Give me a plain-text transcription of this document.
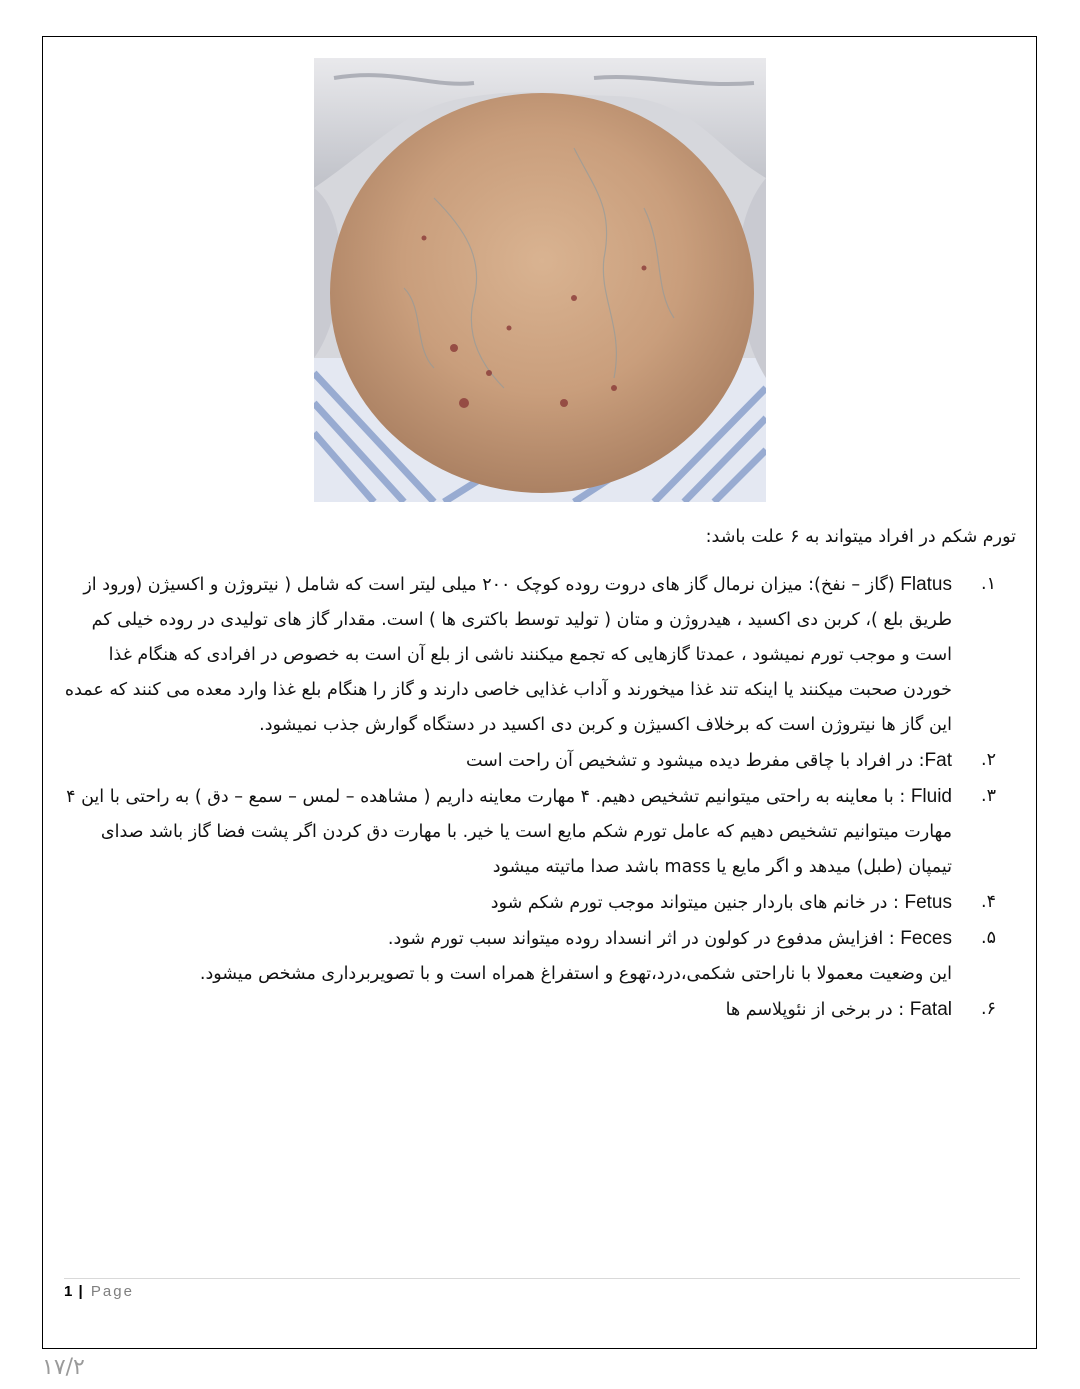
تورم شکم در افراد میتواند به ۶ علت باشد:

۱.
Flatus (گاز – نفخ): میزان نرمال گاز های دروت روده کوچک ۲۰۰ میلی لیتر است که شامل ( نیتروژن و اکسیژن (ورود از طریق بلع )، کربن دی اکسید ، هیدروژن و متان ( تولید توسط باکتری ها ) است. مقدار گاز های تولیدی در روده خیلی کم است و موجب تورم نمیشود ، عمدتا گازهایی که تجمع میکنند ناشی از بلع آن است به خصوص در افرادی که هنگام غذا خوردن صحبت میکنند یا اینکه تند غذا میخورند و آداب غذایی خاصی دارند و گاز را هنگام بلع غذا وارد معده می کنند که عمده این گاز ها نیتروژن است که برخلاف اکسیژن و کربن دی اکسید در دستگاه گوارش جذب نمیشود.
۲.
Fat: در افراد با چاقی مفرط دیده میشود و تشخیص آن راحت است
۳.
Fluid : با معاینه به راحتی میتوانیم تشخیص دهیم. ۴ مهارت معاینه داریم ( مشاهده – لمس – سمع – دق ) به راحتی با این ۴ مهارت میتوانیم تشخیص دهیم که عامل تورم شکم مایع است یا خیر. با مهارت دق کردن اگر پشت فضا گاز باشد صدای تیمپان (طبل) میدهد و اگر مایع یا mass باشد صدا ماتیته میشود
۴.
Fetus : در خانم های باردار جنین میتواند موجب تورم شکم شود
۵.
Feces : افزایش مدفوع در کولون در اثر انسداد روده میتواند سبب تورم شود.

این وضعیت معمولا با ناراحتی شکمی،درد،تهوع و استفراغ همراه است و با تصویربرداری مشخص میشود.

۶.
Fatal : در برخی از نئوپلاسم ها
1 | Page
۱۷/۲
